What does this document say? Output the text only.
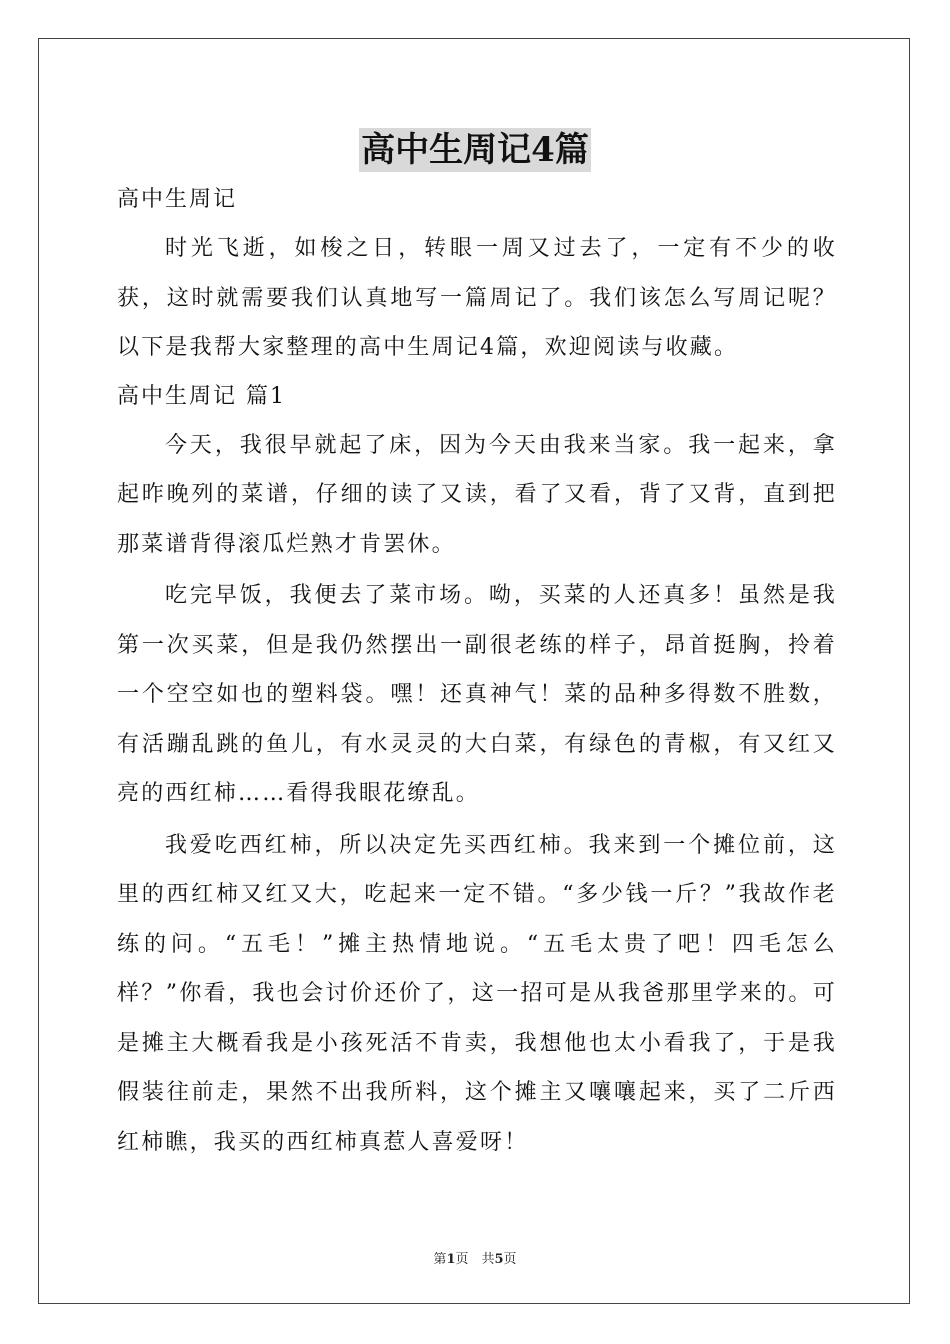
高中生周记4篇

高中生周记

时光飞逝，如梭之日，转眼一周又过去了，一定有不少的收获，这时就需要我们认真地写一篇周记了。我们该怎么写周记呢？以下是我帮大家整理的高中生周记4篇，欢迎阅读与收藏。

高中生周记 篇1

今天，我很早就起了床，因为今天由我来当家。我一起来，拿起昨晚列的菜谱，仔细的读了又读，看了又看，背了又背，直到把那菜谱背得滚瓜烂熟才肯罢休。

吃完早饭，我便去了菜市场。呦，买菜的人还真多！虽然是我第一次买菜，但是我仍然摆出一副很老练的样子，昂首挺胸，拎着一个空空如也的塑料袋。嘿！还真神气！菜的品种多得数不胜数，有活蹦乱跳的鱼儿，有水灵灵的大白菜，有绿色的青椒，有又红又亮的西红柿……看得我眼花缭乱。

我爱吃西红柿，所以决定先买西红柿。我来到一个摊位前，这里的西红柿又红又大，吃起来一定不错。“多少钱一斤？”我故作老练的问。“五毛！”摊主热情地说。“五毛太贵了吧！四毛怎么样？”你看，我也会讨价还价了，这一招可是从我爸那里学来的。可是摊主大概看我是小孩死活不肯卖，我想他也太小看我了，于是我假装往前走，果然不出我所料，这个摊主又嚷嚷起来，买了二斤西红柿瞧，我买的西红柿真惹人喜爱呀！

第1页　共5页
